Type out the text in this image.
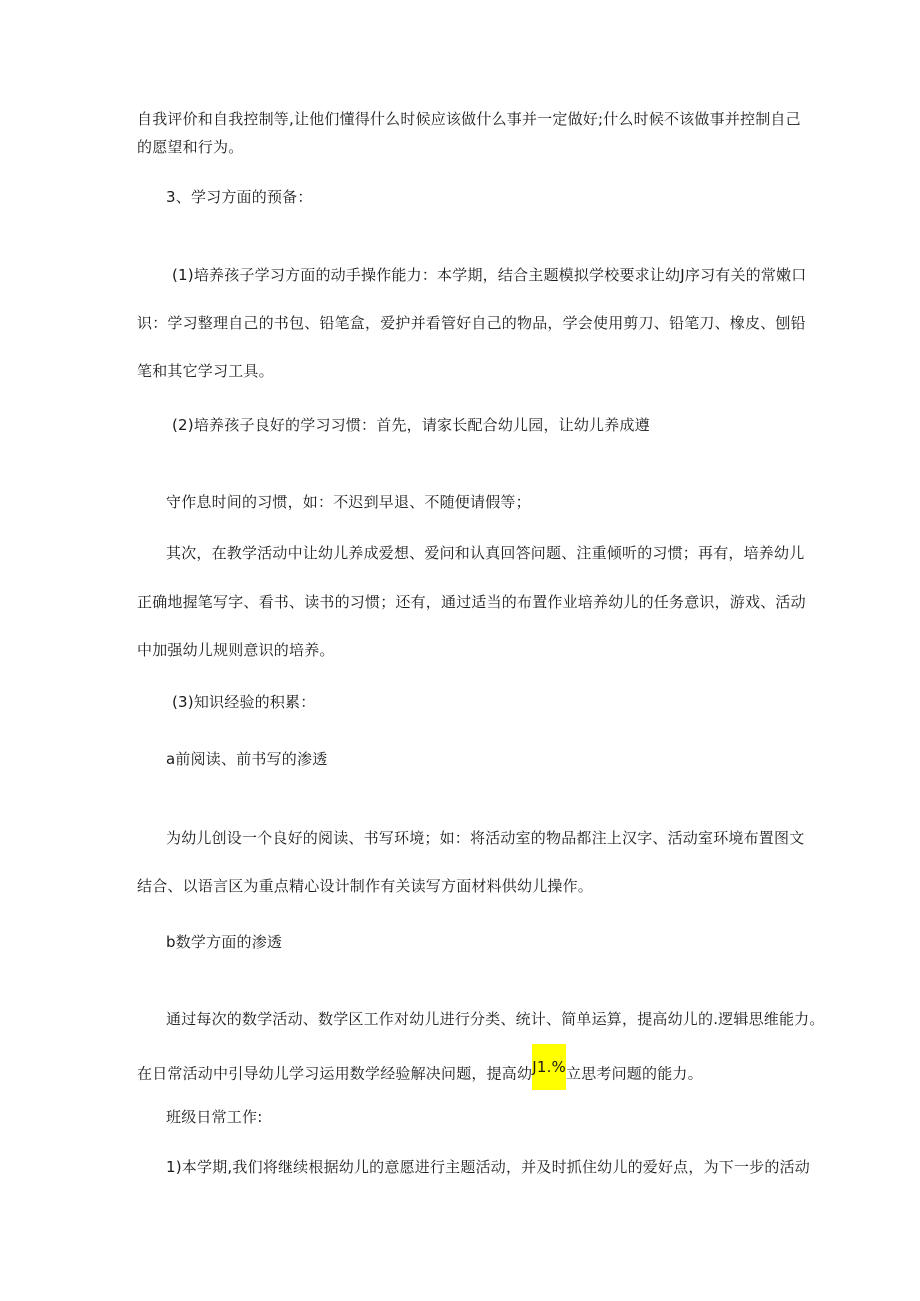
自我评价和自我控制等,让他们懂得什么时候应该做什么事并一定做好;什么时候不该做事并控制自己
的愿望和行为。
3、学习方面的预备：
(1)培养孩子学习方面的动手操作能力：本学期，结合主题模拟学校要求让幼J序习有关的常嫩口
识：学习整理自己的书包、铅笔盒，爱护并看管好自己的物品，学会使用剪刀、铅笔刀、橡皮、刨铅
笔和其它学习工具。
(2)培养孩子良好的学习习惯：首先，请家长配合幼儿园，让幼儿养成遵
守作息时间的习惯，如：不迟到早退、不随便请假等；
其次，在教学活动中让幼儿养成爱想、爱问和认真回答问题、注重倾听的习惯；再有，培养幼儿
正确地握笔写字、看书、读书的习惯；还有，通过适当的布置作业培养幼儿的任务意识，游戏、活动
中加强幼儿规则意识的培养。
(3)知识经验的积累：
a前阅读、前书写的渗透
为幼儿创设一个良好的阅读、书写环境；如：将活动室的物品都注上汉字、活动室环境布置图文
结合、以语言区为重点精心设计制作有关读写方面材料供幼儿操作。
b数学方面的渗透
通过每次的数学活动、数学区工作对幼儿进行分类、统计、简单运算，提高幼儿的.逻辑思维能力。
在日常活动中引导幼儿学习运用数学经验解决问题，提高幼J1.%立思考问题的能力。
班级日常工作:
1)本学期,我们将继续根据幼儿的意愿进行主题活动，并及时抓住幼儿的爱好点，为下一步的活动
